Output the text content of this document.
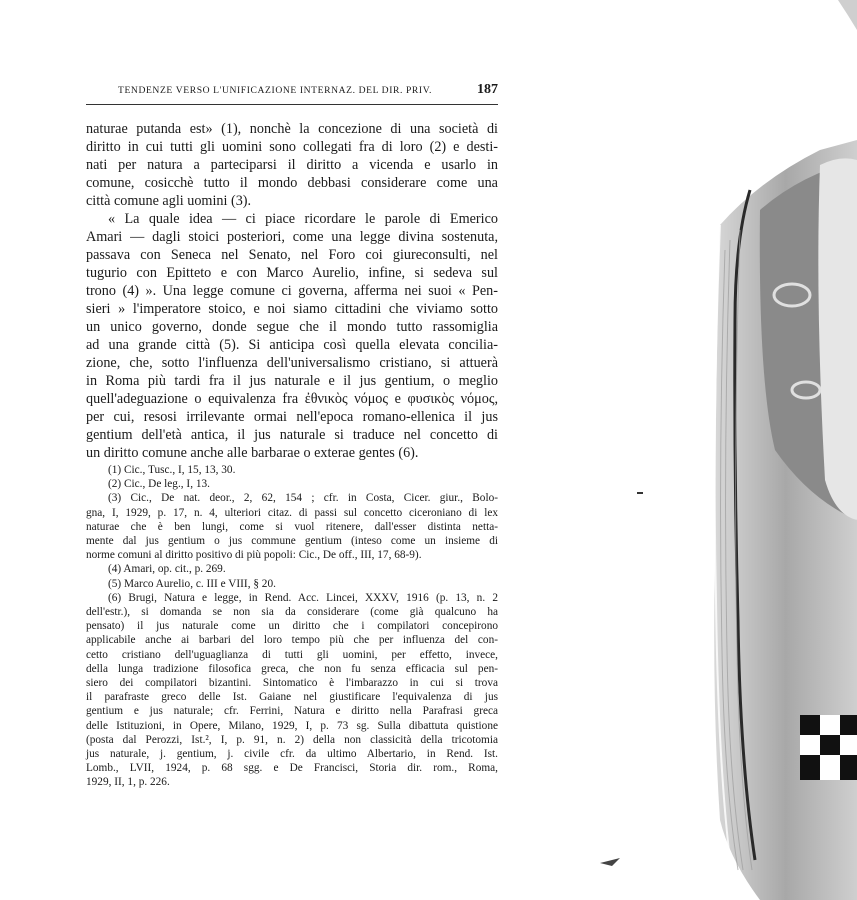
TENDENZE VERSO L'UNIFICAZIONE INTERNAZ. DEL DIR. PRIV.	187
naturae putanda est» (1), nonchè la concezione di una società di
diritto in cui tutti gli uomini sono collegati fra di loro (2) e desti-
nati per natura a parteciparsi il diritto a vicenda e usarlo in
comune, cosicchè tutto il mondo debbasi considerare come una
città comune agli uomini (3).
« La quale idea — ci piace ricordare le parole di Emerico
Amari — dagli stoici posteriori, come una legge divina sostenuta,
passava con Seneca nel Senato, nel Foro coi giureconsulti, nel
tugurio con Epitteto e con Marco Aurelio, infine, si sedeva sul
trono (4) ». Una legge comune ci governa, afferma nei suoi « Pen-
sieri » l'imperatore stoico, e noi siamo cittadini che viviamo sotto
un unico governo, donde segue che il mondo tutto rassomiglia
ad una grande città (5). Si anticipa così quella elevata concilia-
zione, che, sotto l'influenza dell'universalismo cristiano, si attuerà
in Roma più tardi fra il jus naturale e il jus gentium, o meglio
quell'adeguazione o equivalenza fra ἐθνικὸς νόμος e φυσικὸς νόμος,
per cui, resosi irrilevante ormai nell'epoca romano-ellenica il jus
gentium dell'età antica, il jus naturale si traduce nel concetto di
un diritto comune anche alle barbarae o exterae gentes (6).
(1) Cic., Tusc., I, 15, 13, 30.
(2) Cic., De leg., I, 13.
(3) Cic., De nat. deor., 2, 62, 154 ; cfr. in Costa, Cicer. giur., Bolo-
gna, I, 1929, p. 17, n. 4, ulteriori citaz. di passi sul concetto ciceroniano di lex
naturae che è ben lungi, come si vuol ritenere, dall'esser distinta netta-
mente dal jus gentium o jus commune gentium (inteso come un insieme di
norme comuni al diritto positivo di più popoli: Cic., De off., III, 17, 68-9).
(4) Amari, op. cit., p. 269.
(5) Marco Aurelio, c. III e VIII, § 20.
(6) Brugi, Natura e legge, in Rend. Acc. Lincei, XXXV, 1916 (p. 13, n. 2
dell'estr.), si domanda se non sia da considerare (come già qualcuno ha
pensato) il jus naturale come un diritto che i compilatori concepirono
applicabile anche ai barbari del loro tempo più che per influenza del con-
cetto cristiano dell'uguaglianza di tutti gli uomini, per effetto, invece,
della lunga tradizione filosofica greca, che non fu senza efficacia sul pen-
siero dei compilatori bizantini. Sintomatico è l'imbarazzo in cui si trova
il parafraste greco delle Ist. Gaiane nel giustificare l'equivalenza di jus
gentium e jus naturale; cfr. Ferrini, Natura e diritto nella Parafrasi greca
delle Istituzioni, in Opere, Milano, 1929, I, p. 73 sg. Sulla dibattuta quistione
(posta dal Perozzi, Ist.², I, p. 91, n. 2) della non classicità della tricotomia
jus naturale, j. gentium, j. civile cfr. da ultimo Albertario, in Rend. Ist.
Lomb., LVII, 1924, p. 68 sgg. e De Francisci, Storia dir. rom., Roma,
1929, II, 1, p. 226.
